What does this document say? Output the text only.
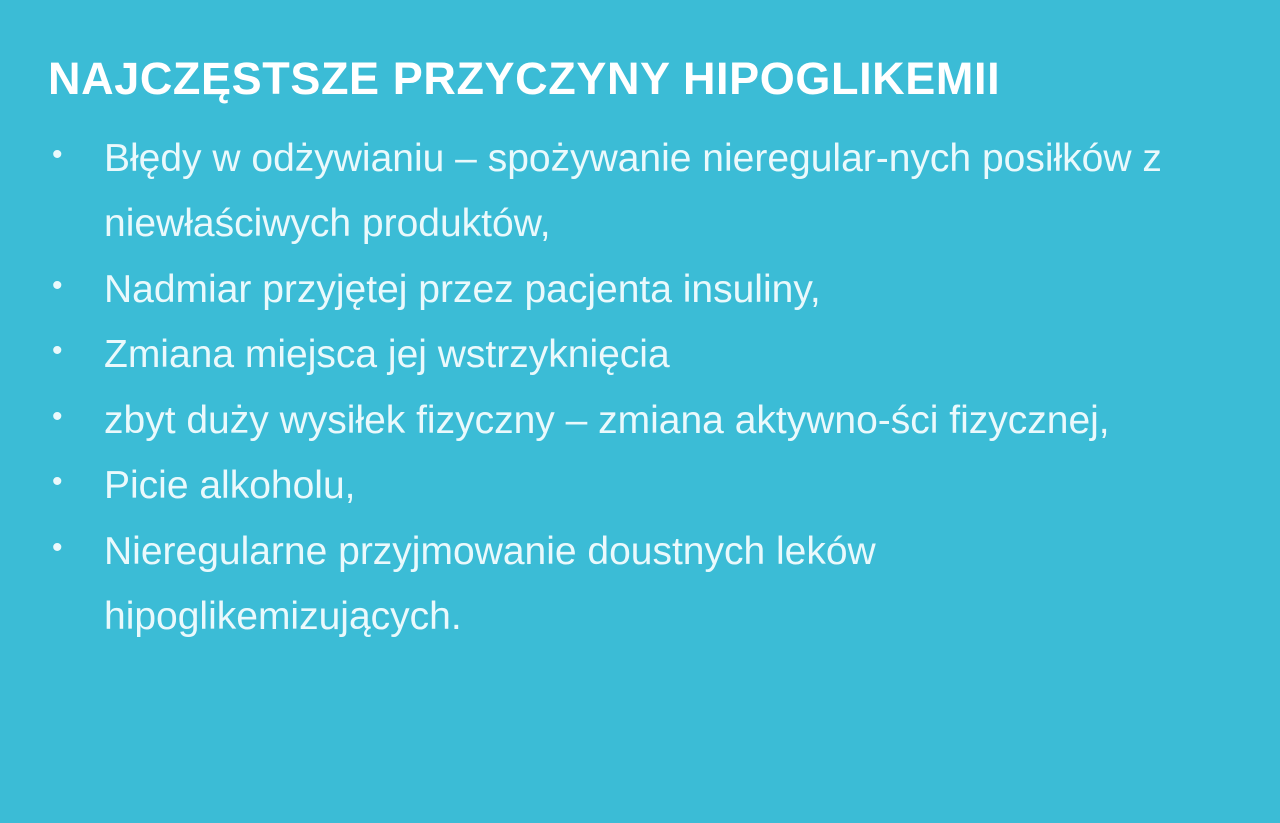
NAJCZĘSTSZE PRZYCZYNY HIPOGLIKEMII
•	Błędy w odżywianiu – spożywanie nieregular-nych posiłków z niewłaściwych produktów,
•	Nadmiar przyjętej przez pacjenta insuliny,
•	Zmiana miejsca jej wstrzyknięcia
•	zbyt duży wysiłek fizyczny – zmiana aktywno-ści fizycznej,
•	Picie alkoholu,
•	Nieregularne przyjmowanie doustnych leków hipoglikemizujących.
